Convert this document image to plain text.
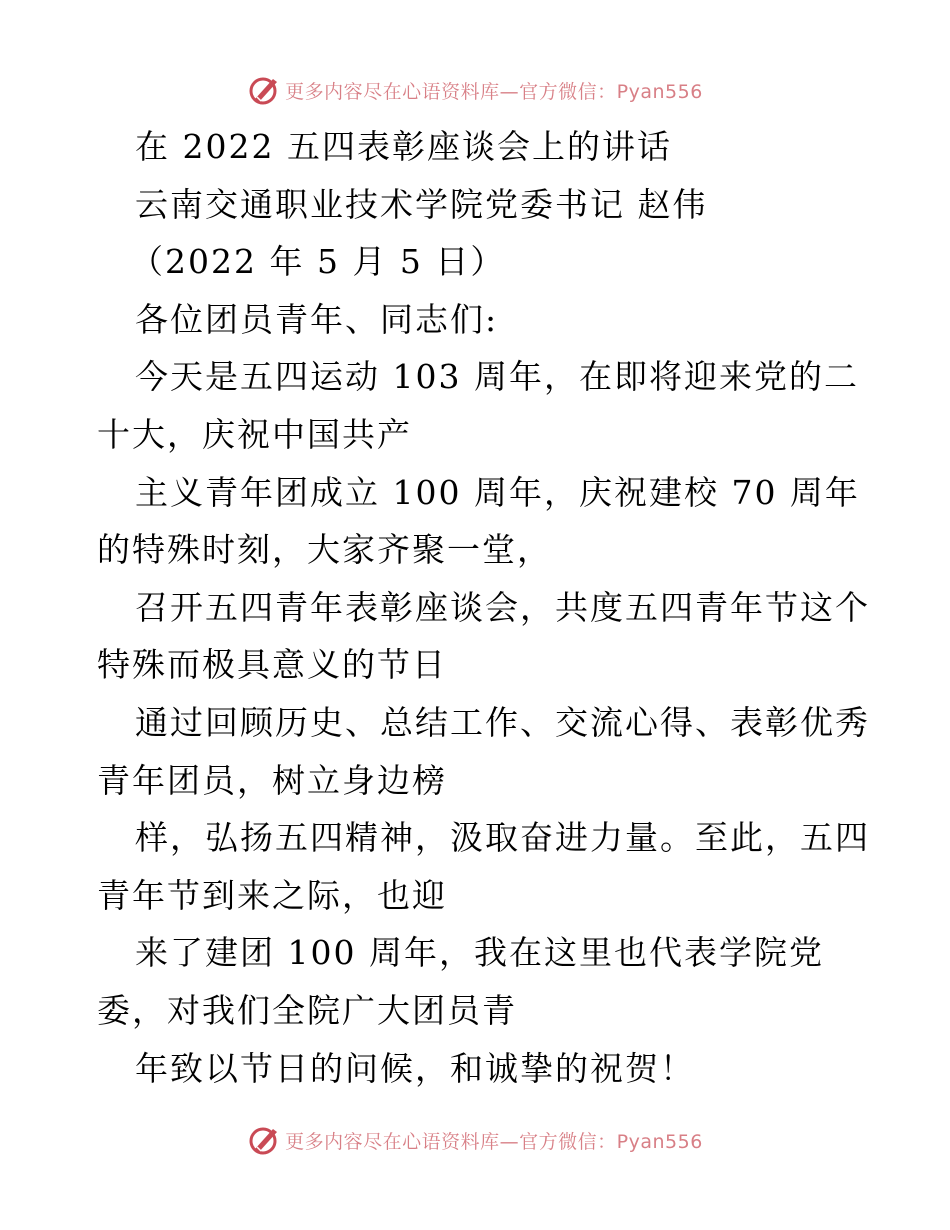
更多内容尽在心语资料库—官方微信：Pyan556
在 2022 五四表彰座谈会上的讲话
云南交通职业技术学院党委书记 赵伟
（2022 年 5 月 5 日）
各位团员青年、同志们:
今天是五四运动 103 周年，在即将迎来党的二
十大，庆祝中国共产
主义青年团成立 100 周年，庆祝建校 70 周年
的特殊时刻，大家齐聚一堂，
召开五四青年表彰座谈会，共度五四青年节这个
特殊而极具意义的节日
通过回顾历史、总结工作、交流心得、表彰优秀
青年团员，树立身边榜
样，弘扬五四精神，汲取奋进力量。至此，五四
青年节到来之际，也迎
来了建团 100 周年，我在这里也代表学院党
委，对我们全院广大团员青
年致以节日的问候，和诚挚的祝贺！
更多内容尽在心语资料库—官方微信：Pyan556
